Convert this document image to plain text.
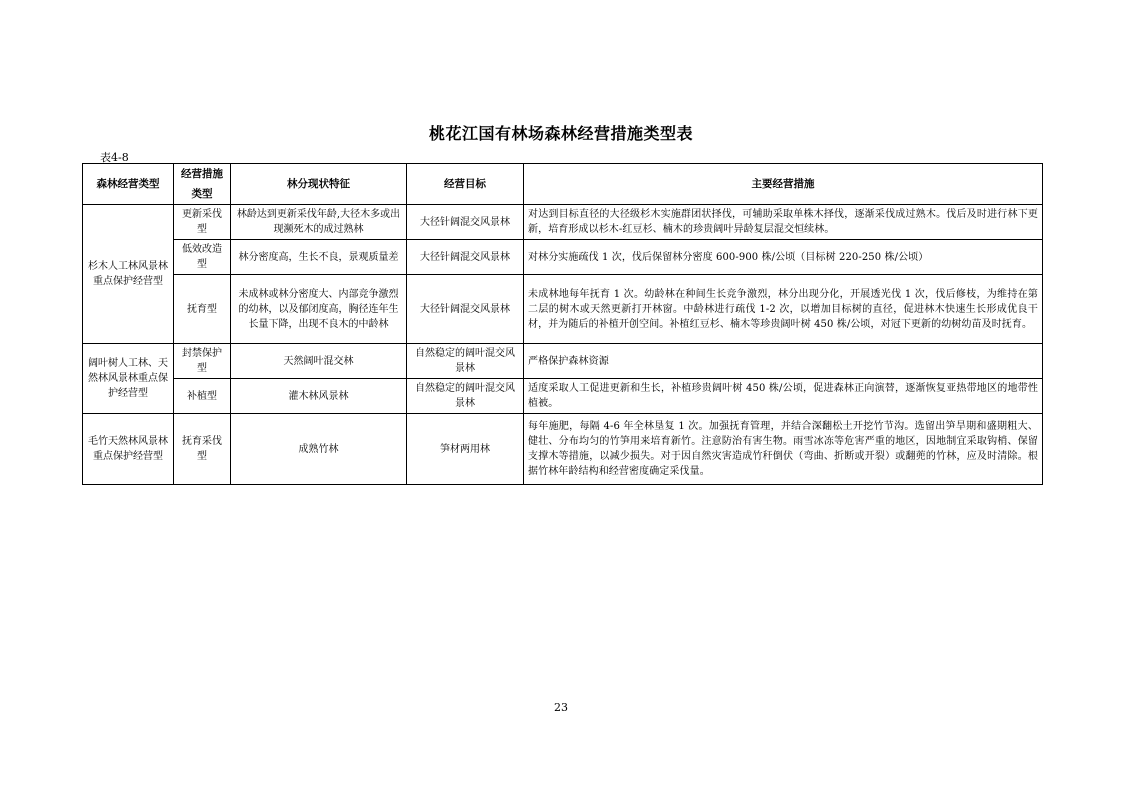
桃花江国有林场森林经营措施类型表
表4-8
森林经营类型	经营措施类型	林分现状特征	经营目标	主要经营措施
杉木人工林风景林重点保护经营型	更新采伐型	林龄达到更新采伐年龄,大径木多或出现濒死木的成过熟林	大径针阔混交风景林	对达到目标直径的大径级杉木实施群团状择伐，可辅助采取单株木择伐，逐渐采伐成过熟木。伐后及时进行林下更新，培育形成以杉木-红豆杉、楠木的珍贵阔叶异龄复层混交恒续林。
	低效改造型	林分密度高，生长不良，景观质量差	大径针阔混交风景林	对林分实施疏伐 1 次，伐后保留林分密度 600-900 株/公顷（目标树 220-250 株/公顷）
	抚育型	未成林或林分密度大、内部竞争激烈的幼林，以及郁闭度高，胸径连年生长量下降，出现不良木的中龄林	大径针阔混交风景林	未成林地每年抚育 1 次。幼龄林在种间生长竞争激烈，林分出现分化，开展透光伐 1 次，伐后修枝，为维持在第二层的树木或天然更新打开林窗。中龄林进行疏伐 1-2 次，以增加目标树的直径，促进林木快速生长形成优良干材，并为随后的补植开创空间。补植红豆杉、楠木等珍贵阔叶树 450 株/公顷，对冠下更新的幼树幼苗及时抚育。
阔叶树人工林、天然林风景林重点保护经营型	封禁保护型	天然阔叶混交林	自然稳定的阔叶混交风景林	严格保护森林资源
	补植型	灌木林风景林	自然稳定的阔叶混交风景林	适度采取人工促进更新和生长，补植珍贵阔叶树 450 株/公顷，促进森林正向演替，逐渐恢复亚热带地区的地带性植被。
毛竹天然林风景林重点保护经营型	抚育采伐型	成熟竹林	笋材两用林	每年施肥，每隔 4-6 年全林垦复 1 次。加强抚育管理，并结合深翻松土开挖竹节沟。选留出笋旱期和盛期粗大、健壮、分布均匀的竹笋用来培育新竹。注意防治有害生物。雨雪冰冻等危害严重的地区，因地制宜采取钩梢、保留支撑木等措施，以减少损失。对于因自然灾害造成竹秆倒伏（弯曲、折断或开裂）或翻蔸的竹林，应及时清除。根据竹林年龄结构和经营密度确定采伐量。
23
